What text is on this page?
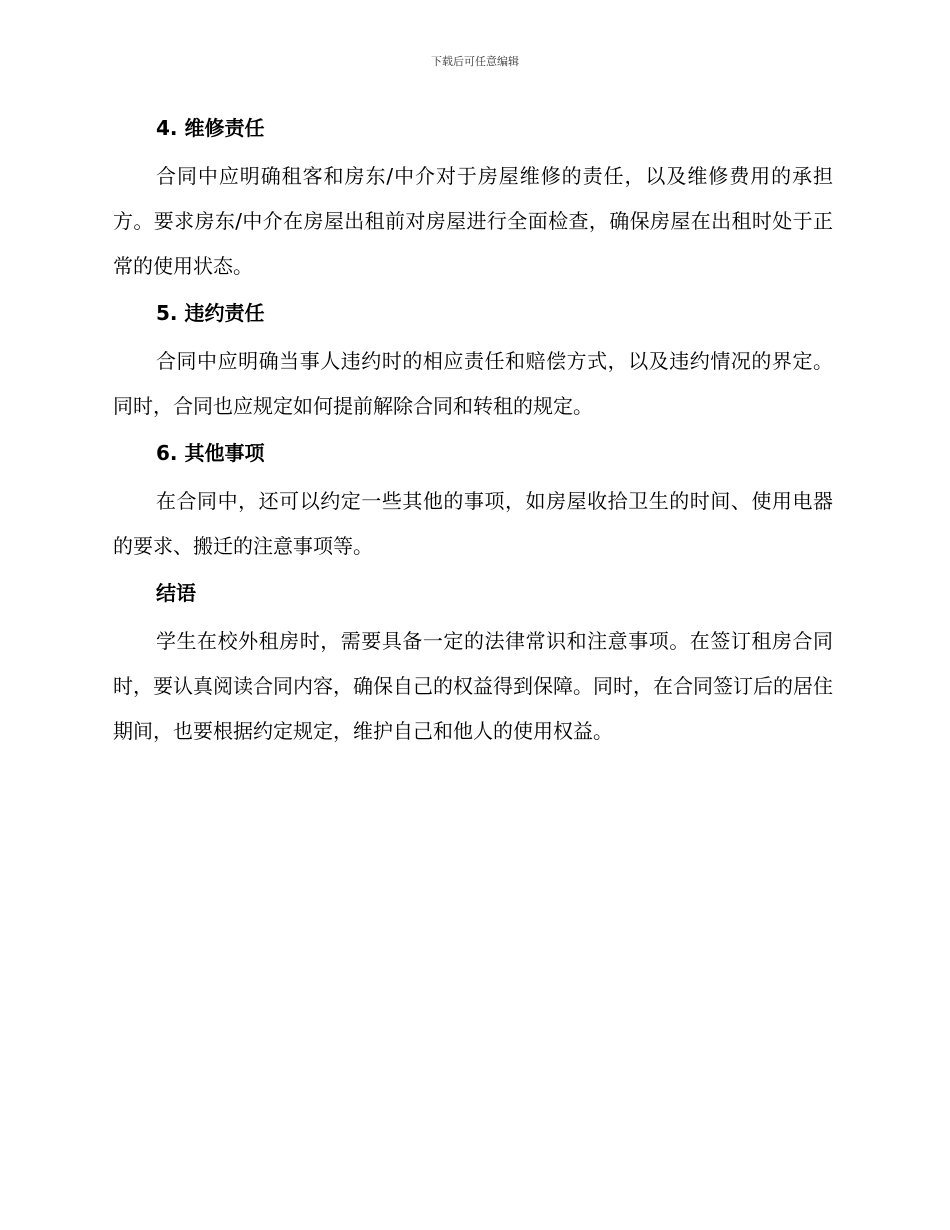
下载后可任意编辑
4. 维修责任

合同中应明确租客和房东/中介对于房屋维修的责任，以及维修费用的承担方。要求房东/中介在房屋出租前对房屋进行全面检查，确保房屋在出租时处于正常的使用状态。

5. 违约责任

合同中应明确当事人违约时的相应责任和赔偿方式，以及违约情况的界定。同时，合同也应规定如何提前解除合同和转租的规定。

6. 其他事项

在合同中，还可以约定一些其他的事项，如房屋收拾卫生的时间、使用电器的要求、搬迁的注意事项等。

结语

学生在校外租房时，需要具备一定的法律常识和注意事项。在签订租房合同时，要认真阅读合同内容，确保自己的权益得到保障。同时，在合同签订后的居住期间，也要根据约定规定，维护自己和他人的使用权益。
